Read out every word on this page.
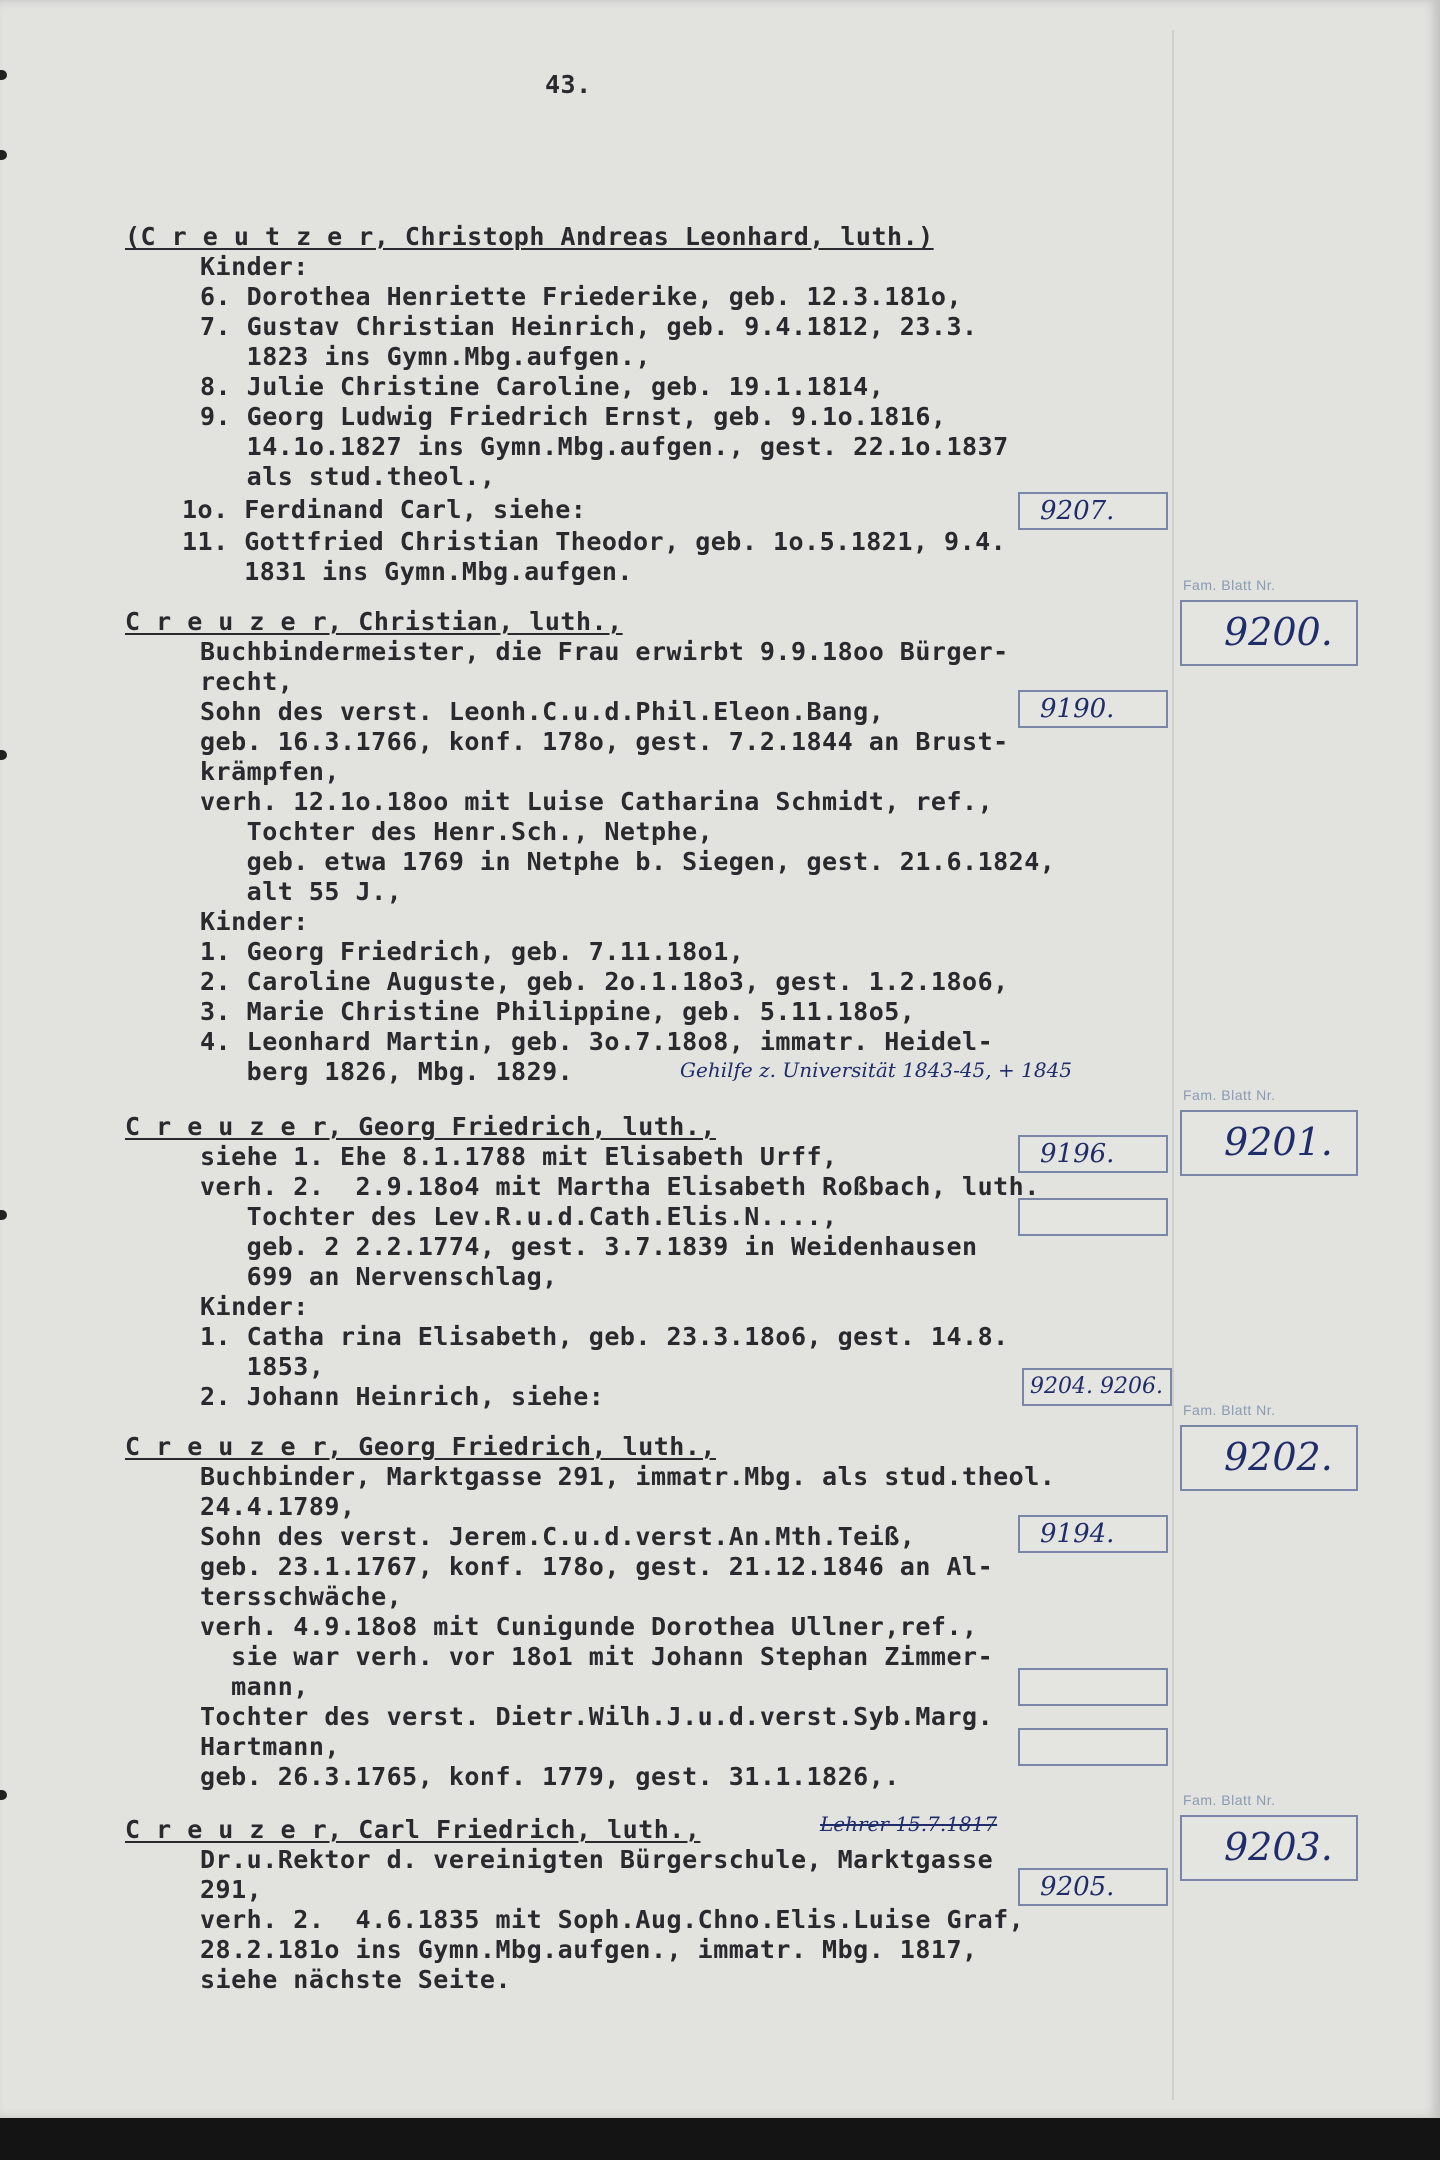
43.
(C r e u t z e r, Christoph Andreas Leonhard, luth.)
Kinder:
6. Dorothea Henriette Friederike, geb. 12.3.181o,
7. Gustav Christian Heinrich, geb. 9.4.1812, 23.3.
1823 ins Gymn.Mbg.aufgen.,
8. Julie Christine Caroline, geb. 19.1.1814,
9. Georg Ludwig Friedrich Ernst, geb. 9.1o.1816,
14.1o.1827 ins Gymn.Mbg.aufgen., gest. 22.1o.1837
als stud.theol.,
1o. Ferdinand Carl, siehe:
11. Gottfried Christian Theodor, geb. 1o.5.1821, 9.4.
1831 ins Gymn.Mbg.aufgen.
9207.
Fam. Blatt Nr.
9200.
C r e u z e r, Christian, luth.,
Buchbindermeister, die Frau erwirbt 9.9.18oo Bürger-
recht,
Sohn des verst. Leonh.C.u.d.Phil.Eleon.Bang,	9190.
geb. 16.3.1766, konf. 178o, gest. 7.2.1844 an Brust-
krämpfen,
verh. 12.1o.18oo mit Luise Catharina Schmidt, ref.,
Tochter des Henr.Sch., Netphe,
geb. etwa 1769 in Netphe b. Siegen, gest. 21.6.1824,
alt 55 J.,
Kinder:
1. Georg Friedrich, geb. 7.11.18o1,
2. Caroline Auguste, geb. 2o.1.18o3, gest. 1.2.18o6,
3. Marie Christine Philippine, geb. 5.11.18o5,
4. Leonhard Martin, geb. 3o.7.18o8, immatr. Heidel-
berg 1826, Mbg. 1829.	Gehilfe z. Universität 1843-45, + 1845
Fam. Blatt Nr.
9201.
C r e u z e r, Georg Friedrich, luth.,
siehe 1. Ehe 8.1.1788 mit Elisabeth Urff,	9196.
verh. 2.  2.9.18o4 mit Martha Elisabeth Roßbach, luth.
Tochter des Lev.R.u.d.Cath.Elis.N....,
geb. 2 2.2.1774, gest. 3.7.1839 in Weidenhausen
699 an Nervenschlag,
Kinder:
1. Catha rina Elisabeth, geb. 23.3.18o6, gest. 14.8.
1853,
2. Johann Heinrich, siehe:	9204. 9206.
Fam. Blatt Nr.
9202.
C r e u z e r, Georg Friedrich, luth.,
Buchbinder, Marktgasse 291, immatr.Mbg. als stud.theol.
24.4.1789,
Sohn des verst. Jerem.C.u.d.verst.An.Mth.Teiß,	9194.
geb. 23.1.1767, konf. 178o, gest. 21.12.1846 an Al-
tersschwäche,
verh. 4.9.18o8 mit Cunigunde Dorothea Ullner,ref.,
sie war verh. vor 18o1 mit Johann Stephan Zimmer-
mann,
Tochter des verst. Dietr.Wilh.J.u.d.verst.Syb.Marg.
Hartmann,
geb. 26.3.1765, konf. 1779, gest. 31.1.1826,.
Fam. Blatt Nr.
9203.
C r e u z e r, Carl Friedrich, luth.,	Lehrer 15.7.1817
Dr.u.Rektor d. vereinigten Bürgerschule, Marktgasse
291,	9205.
verh. 2.  4.6.1835 mit Soph.Aug.Chno.Elis.Luise Graf,
28.2.181o ins Gymn.Mbg.aufgen., immatr. Mbg. 1817,
siehe nächste Seite.
